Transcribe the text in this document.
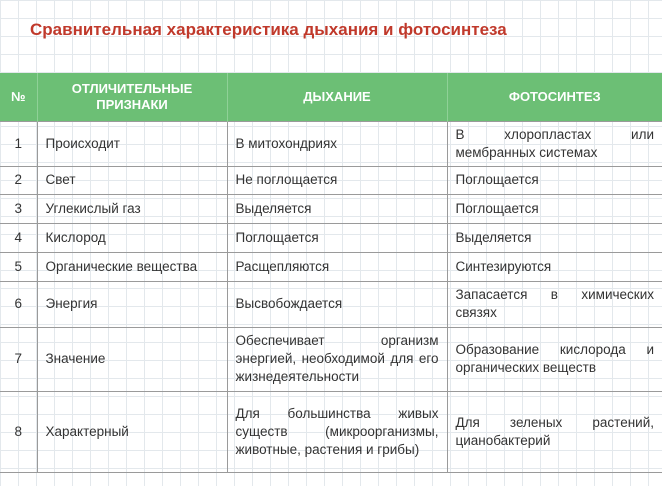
Сравнительная характеристика дыхания и фотосинтеза
№	ОТЛИЧИТЕЛЬНЫЕ ПРИЗНАКИ	ДЫХАНИЕ	ФОТОСИНТЕЗ
1	Происходит	В митохондриях	В хлоропластах или мембранных системах
2	Свет	Не поглощается	Поглощается
3	Углекислый газ	Выделяется	Поглощается
4	Кислород	Поглощается	Выделяется
5	Органические вещества	Расщепляются	Синтезируются
6	Энергия	Высвобождается	Запасается в химических связях
7	Значение	Обеспечивает организм энергией, необходимой для его жизнедеятельности	Образование кислорода и органических веществ
8	Характерный	Для большинства живых существ (микроорганизмы, животные, растения и грибы)	Для зеленых растений, цианобактерий
